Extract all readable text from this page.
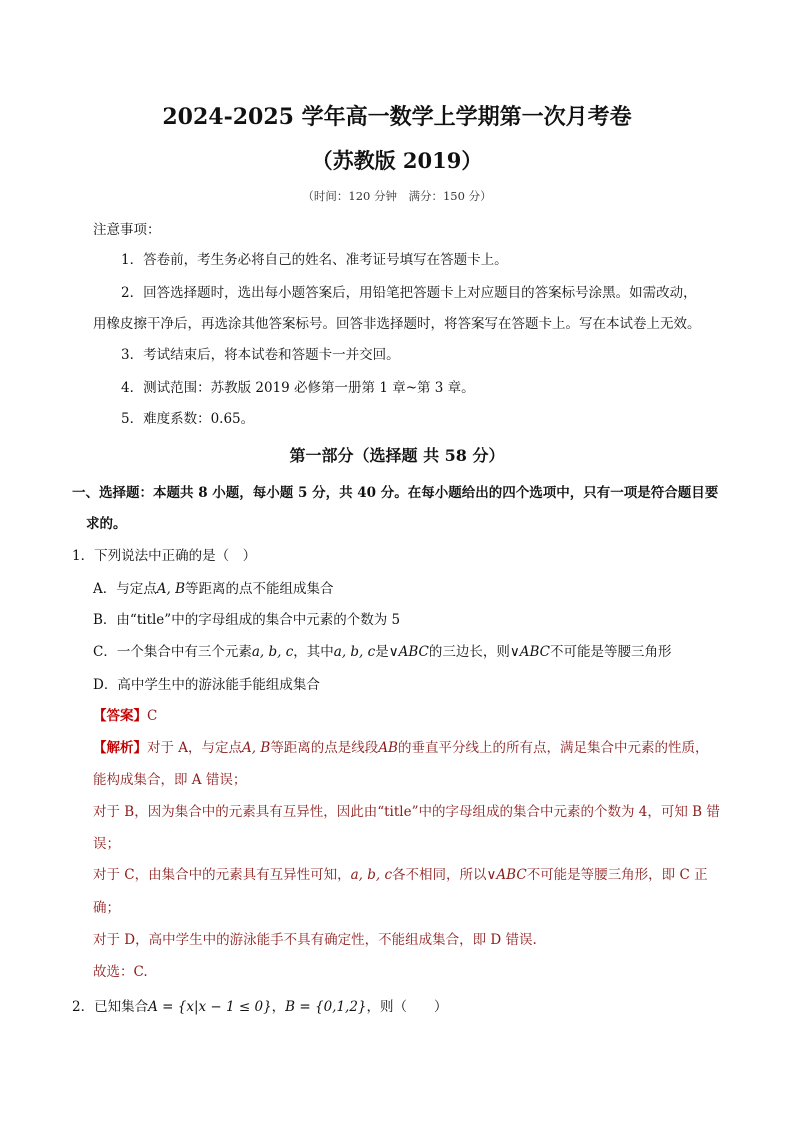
2024-2025 学年高一数学上学期第一次月考卷
（苏教版 2019）
（时间：120 分钟　满分：150 分）
注意事项：
1．答卷前，考生务必将自己的姓名、准考证号填写在答题卡上。
2．回答选择题时，选出每小题答案后，用铅笔把答题卡上对应题目的答案标号涂黑。如需改动，
用橡皮擦干净后，再选涂其他答案标号。回答非选择题时，将答案写在答题卡上。写在本试卷上无效。
3．考试结束后，将本试卷和答题卡一并交回。
4．测试范围：苏教版 2019 必修第一册第 1 章~第 3 章。
5．难度系数：0.65。
第一部分（选择题 共 58 分）
一、选择题：本题共 8 小题，每小题 5 分，共 40 分。在每小题给出的四个选项中，只有一项是符合题目要
求的。
1．下列说法中正确的是（　）
A．与定点A, B等距离的点不能组成集合
B．由“title”中的字母组成的集合中元素的个数为 5
C．一个集合中有三个元素a, b, c，其中a, b, c是∨ABC的三边长，则∨ABC不可能是等腰三角形
D．高中学生中的游泳能手能组成集合
【答案】C
【解析】对于 A，与定点A, B等距离的点是线段AB的垂直平分线上的所有点，满足集合中元素的性质，
能构成集合，即 A 错误；
对于 B，因为集合中的元素具有互异性，因此由“title”中的字母组成的集合中元素的个数为 4，可知 B 错
误；
对于 C，由集合中的元素具有互异性可知，a, b, c各不相同，所以∨ABC不可能是等腰三角形，即 C 正
确；
对于 D，高中学生中的游泳能手不具有确定性，不能组成集合，即 D 错误.
故选：C.
2．已知集合A = {x|x − 1 ≤ 0}，B = {0,1,2}，则（　　）
